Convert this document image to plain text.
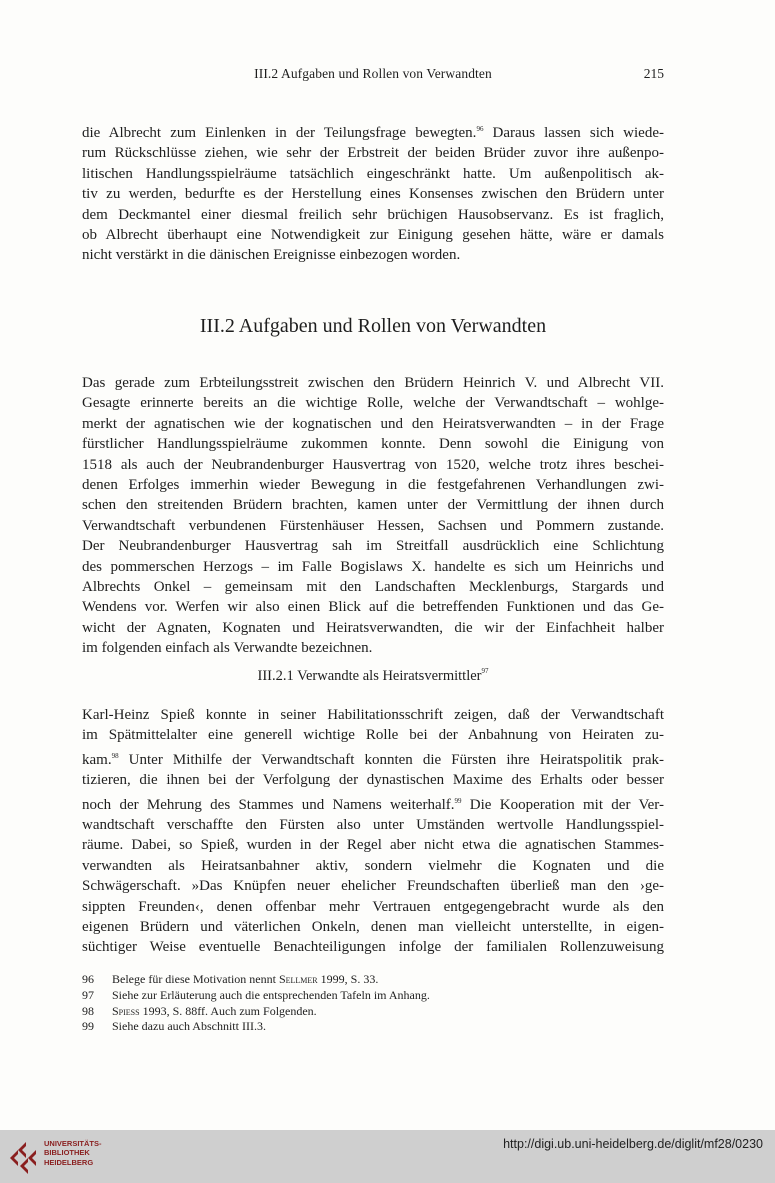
III.2 Aufgaben und Rollen von Verwandten	215
die Albrecht zum Einlenken in der Teilungsfrage bewegten.$^{96}$ Daraus lassen sich wiede-
rum Rückschlüsse ziehen, wie sehr der Erbstreit der beiden Brüder zuvor ihre außenpo-
litischen Handlungsspielräume tatsächlich eingeschränkt hatte. Um außenpolitisch ak-
tiv zu werden, bedurfte es der Herstellung eines Konsenses zwischen den Brüdern unter
dem Deckmantel einer diesmal freilich sehr brüchigen Hausobservanz. Es ist fraglich,
ob Albrecht überhaupt eine Notwendigkeit zur Einigung gesehen hätte, wäre er damals
nicht verstärkt in die dänischen Ereignisse einbezogen worden.
III.2 Aufgaben und Rollen von Verwandten
Das gerade zum Erbteilungsstreit zwischen den Brüdern Heinrich V. und Albrecht VII.
Gesagte erinnerte bereits an die wichtige Rolle, welche der Verwandtschaft – wohlge-
merkt der agnatischen wie der kognatischen und den Heiratsverwandten – in der Frage
fürstlicher Handlungsspielräume zukommen konnte. Denn sowohl die Einigung von
1518 als auch der Neubrandenburger Hausvertrag von 1520, welche trotz ihres beschei-
denen Erfolges immerhin wieder Bewegung in die festgefahrenen Verhandlungen zwi-
schen den streitenden Brüdern brachten, kamen unter der Vermittlung der ihnen durch
Verwandtschaft verbundenen Fürstenhäuser Hessen, Sachsen und Pommern zustande.
Der Neubrandenburger Hausvertrag sah im Streitfall ausdrücklich eine Schlichtung
des pommerschen Herzogs – im Falle Bogislaws X. handelte es sich um Heinrichs und
Albrechts Onkel – gemeinsam mit den Landschaften Mecklenburgs, Stargards und
Wendens vor. Werfen wir also einen Blick auf die betreffenden Funktionen und das Ge-
wicht der Agnaten, Kognaten und Heiratsverwandten, die wir der Einfachheit halber
im folgenden einfach als Verwandte bezeichnen.
III.2.1 Verwandte als Heiratsvermittler$^{97}$
Karl-Heinz Spieß konnte in seiner Habilitationsschrift zeigen, daß der Verwandtschaft
im Spätmittelalter eine generell wichtige Rolle bei der Anbahnung von Heiraten zu-
kam.$^{98}$ Unter Mithilfe der Verwandtschaft konnten die Fürsten ihre Heiratspolitik prak-
tizieren, die ihnen bei der Verfolgung der dynastischen Maxime des Erhalts oder besser
noch der Mehrung des Stammes und Namens weiterhalf.$^{99}$ Die Kooperation mit der Ver-
wandtschaft verschaffte den Fürsten also unter Umständen wertvolle Handlungsspiel-
räume. Dabei, so Spieß, wurden in der Regel aber nicht etwa die agnatischen Stammes-
verwandten als Heiratsanbahner aktiv, sondern vielmehr die Kognaten und die
Schwägerschaft. »Das Knüpfen neuer ehelicher Freundschaften überließ man den ›ge-
sippten Freunden‹, denen offenbar mehr Vertrauen entgegengebracht wurde als den
eigenen Brüdern und väterlichen Onkeln, denen man vielleicht unterstellte, in eigen-
süchtiger Weise eventuelle Benachteiligungen infolge der familialen Rollenzuweisung
96	Belege für diese Motivation nennt Sellmer 1999, S. 33.
97	Siehe zur Erläuterung auch die entsprechenden Tafeln im Anhang.
98	Spiess 1993, S. 88ff. Auch zum Folgenden.
99	Siehe dazu auch Abschnitt III.3.
UNIVERSITÄTS-
BIBLIOTHEK
HEIDELBERG
http://digi.ub.uni-heidelberg.de/diglit/mf28/0230
